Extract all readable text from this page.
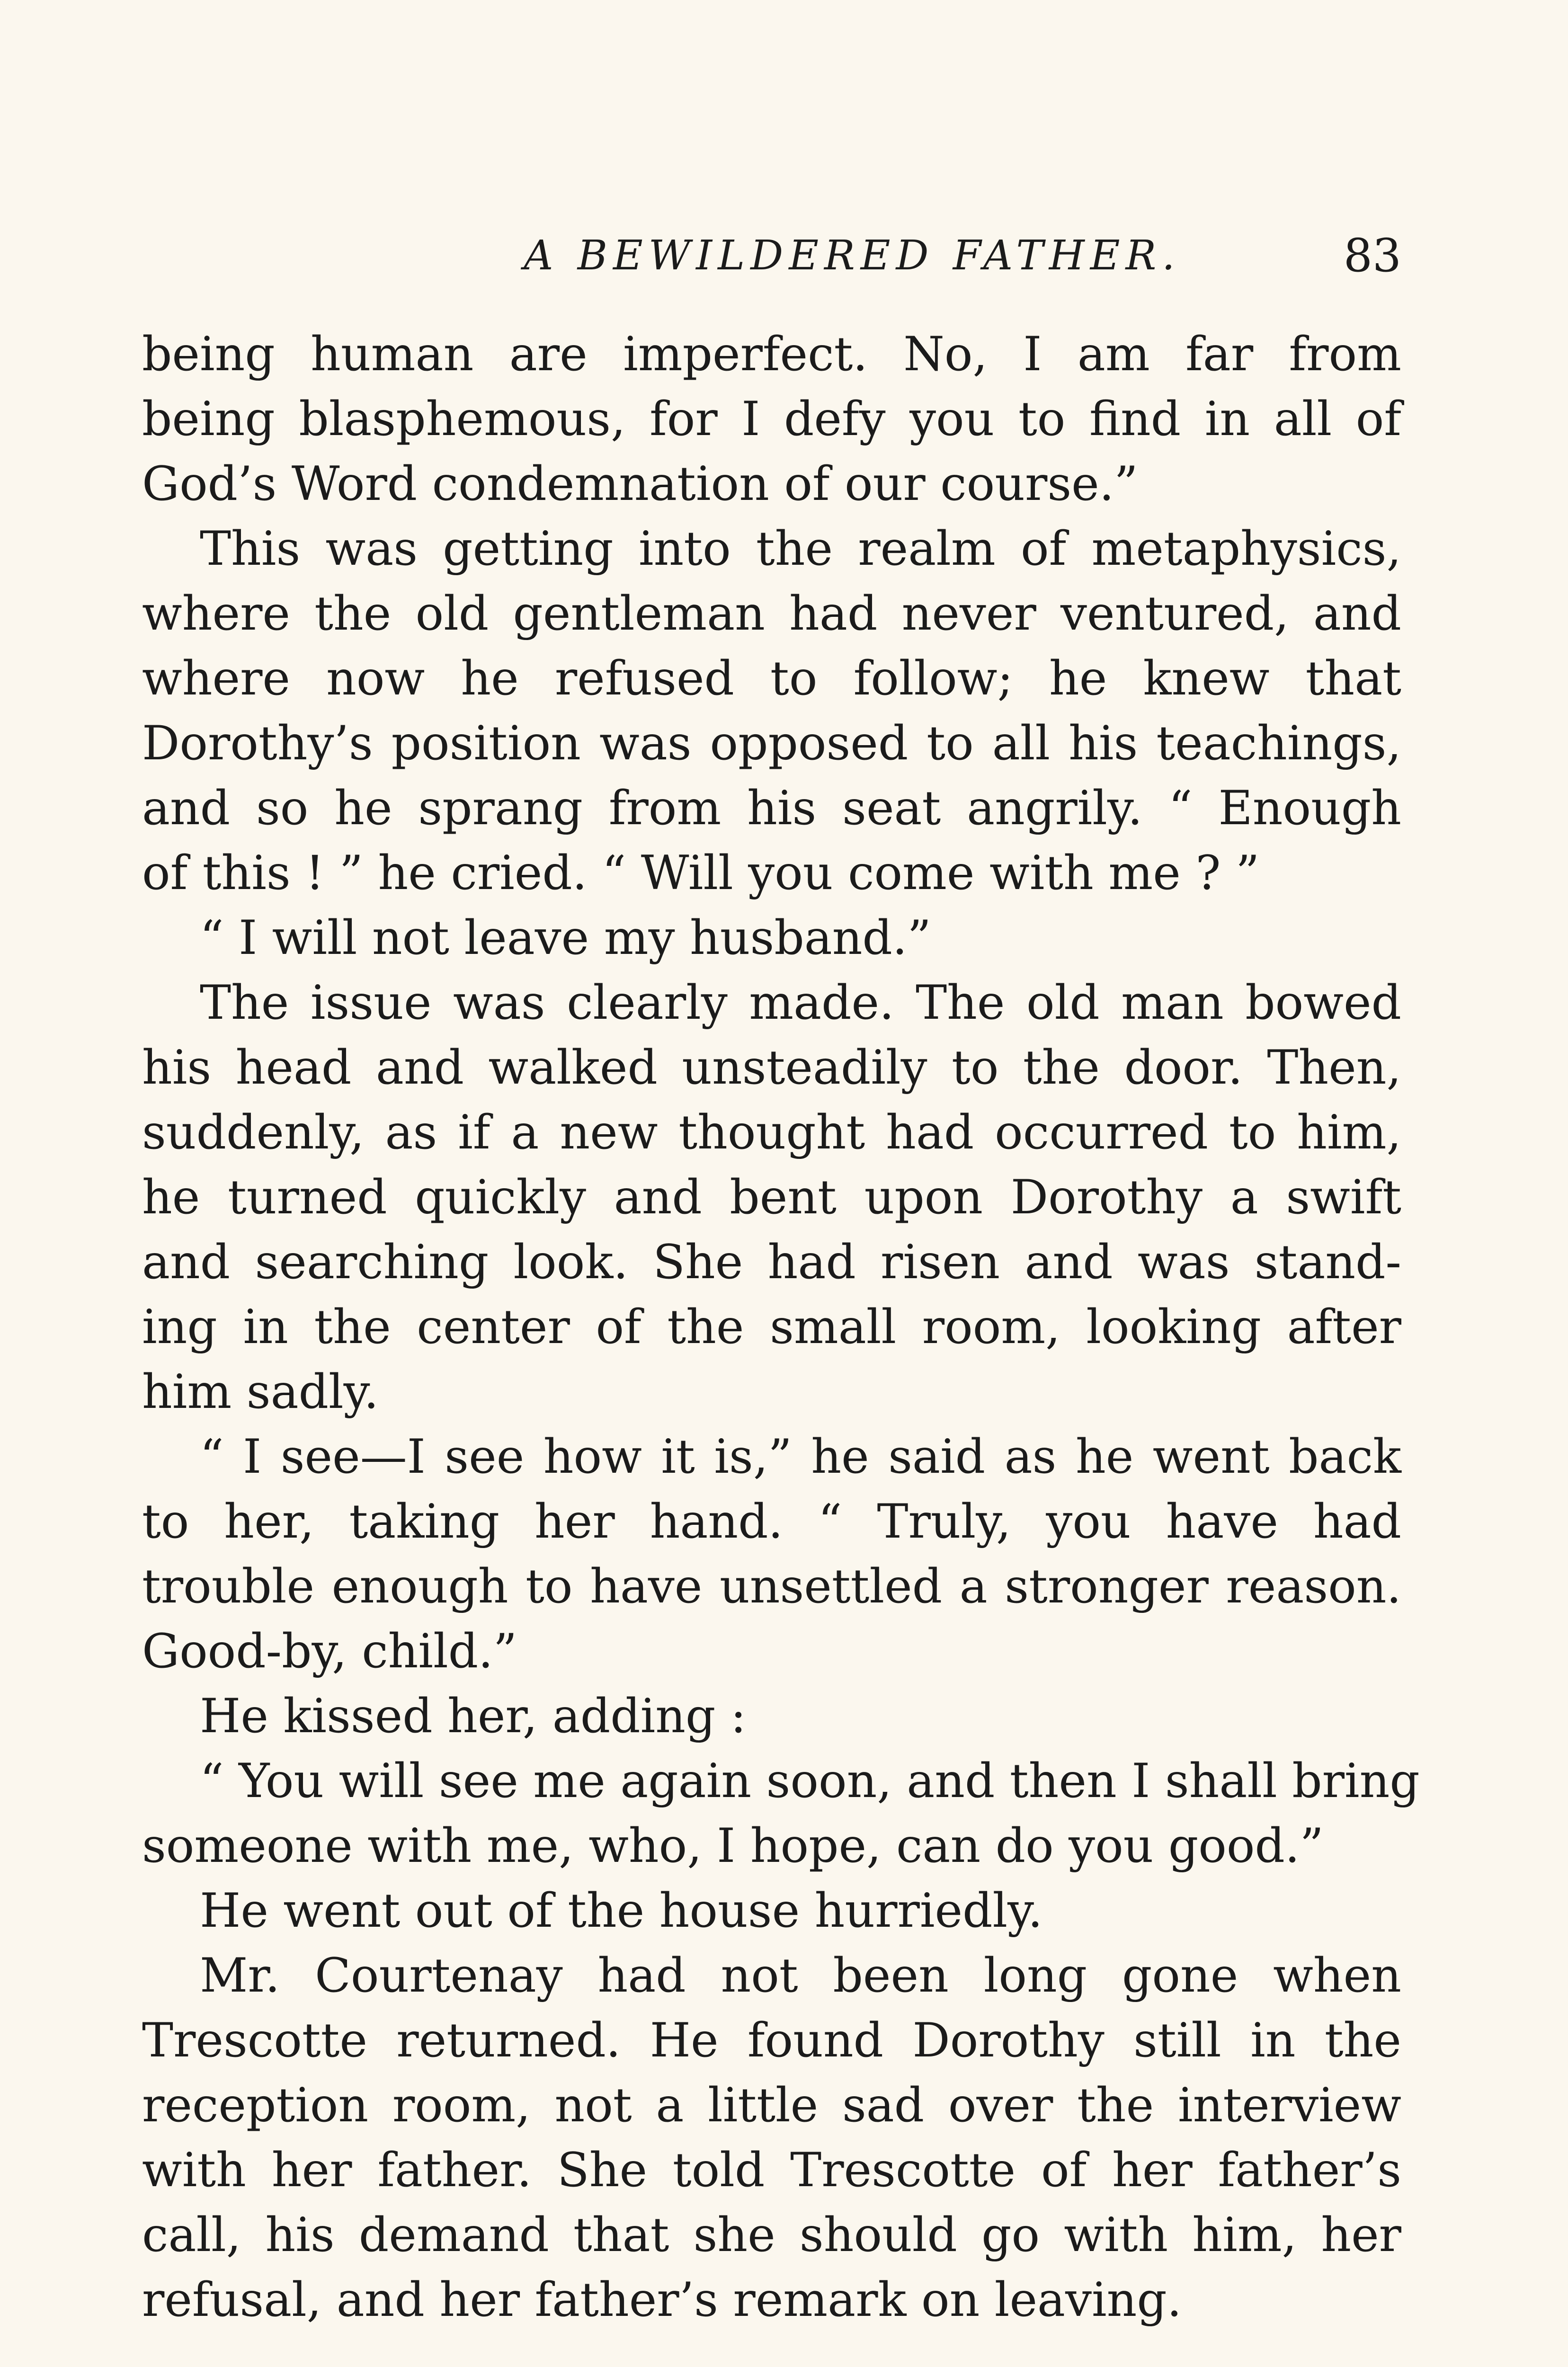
A BEWILDERED FATHER.	83
being human are imperfect. No, I am far from
being blasphemous, for I defy you to find in all of
God’s Word condemnation of our course.”
This was getting into the realm of metaphysics,
where the old gentleman had never ventured, and
where now he refused to follow; he knew that
Dorothy’s position was opposed to all his teachings,
and so he sprang from his seat angrily. “ Enough
of this ! ” he cried. “ Will you come with me ? ”
“ I will not leave my husband.”
The issue was clearly made. The old man bowed
his head and walked unsteadily to the door. Then,
suddenly, as if a new thought had occurred to him,
he turned quickly and bent upon Dorothy a swift
and searching look. She had risen and was stand-
ing in the center of the small room, looking after
him sadly.
“ I see—I see how it is,” he said as he went back
to her, taking her hand. “ Truly, you have had
trouble enough to have unsettled a stronger reason.
Good-by, child.”
He kissed her, adding :
“ You will see me again soon, and then I shall bring
someone with me, who, I hope, can do you good.”
He went out of the house hurriedly.
Mr. Courtenay had not been long gone when
Trescotte returned. He found Dorothy still in the
reception room, not a little sad over the interview
with her father. She told Trescotte of her father’s
call, his demand that she should go with him, her
refusal, and her father’s remark on leaving.
